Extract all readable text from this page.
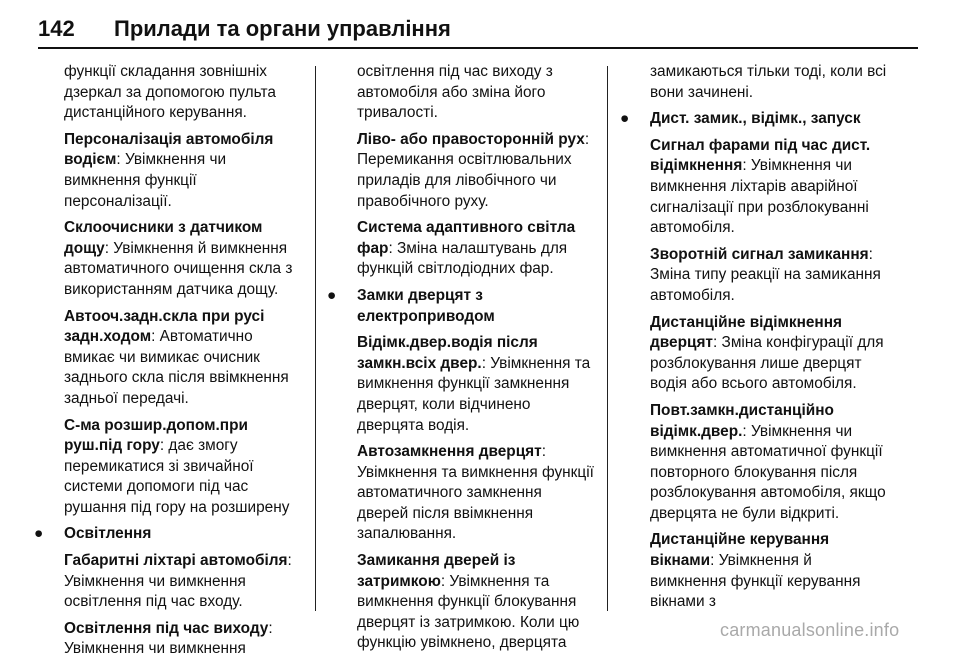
142 Прилади та органи управління

функції складання зовнішніх дзеркал за допомогою пульта дистанційного керування.

Персоналізація автомобіля водієм: Увімкнення чи вимкнення функції персоналізації.

Склоочисники з датчиком дощу: Увімкнення й вимкнення автоматичного очищення скла з використанням датчика дощу.

Автооч.задн.скла при русі задн.ходом: Автоматично вмикає чи вимикає очисник заднього скла після ввімкнення задньої передачі.

С-ма розшир.допом.при руш.під гору: дає змогу перемикатися зі звичайної системи допомоги під час рушання під гору на розширену

● Освітлення

Габаритні ліхтарі автомобіля: Увімкнення чи вимкнення освітлення під час входу.

Освітлення під час виходу: Увімкнення чи вимкнення

освітлення під час виходу з автомобіля або зміна його тривалості.

Ліво- або правосторонній рух: Перемикання освітлювальних приладів для лівобічного чи правобічного руху.

Система адаптивного світла фар: Зміна налаштувань для функцій світлодіодних фар.

● Замки дверцят з електроприводом

Відімк.двер.водія після замкн.всіх двер.: Увімкнення та вимкнення функції замкнення дверцят, коли відчинено дверцята водія.

Автозамкнення дверцят: Увімкнення та вимкнення функції автоматичного замкнення дверей після ввімкнення запалювання.

Замикання дверей із затримкою: Увімкнення та вимкнення функції блокування дверцят із затримкою. Коли цю функцію увімкнено, дверцята

замикаються тільки тоді, коли всі вони зачинені.

● Дист. замик., відімк., запуск

Сигнал фарами під час дист. відімкнення: Увімкнення чи вимкнення ліхтарів аварійної сигналізації при розблокуванні автомобіля.

Зворотній сигнал замикання: Зміна типу реакції на замикання автомобіля.

Дистанційне відімкнення дверцят: Зміна конфігурації для розблокування лише дверцят водія або всього автомобіля.

Повт.замкн.дистанційно відімк.двер.: Увімкнення чи вимкнення автоматичної функції повторного блокування після розблокування автомобіля, якщо дверцята не були відкриті.

Дистанційне керування вікнами: Увімкнення й вимкнення функції керування вікнами з

carmanualsonline.info
